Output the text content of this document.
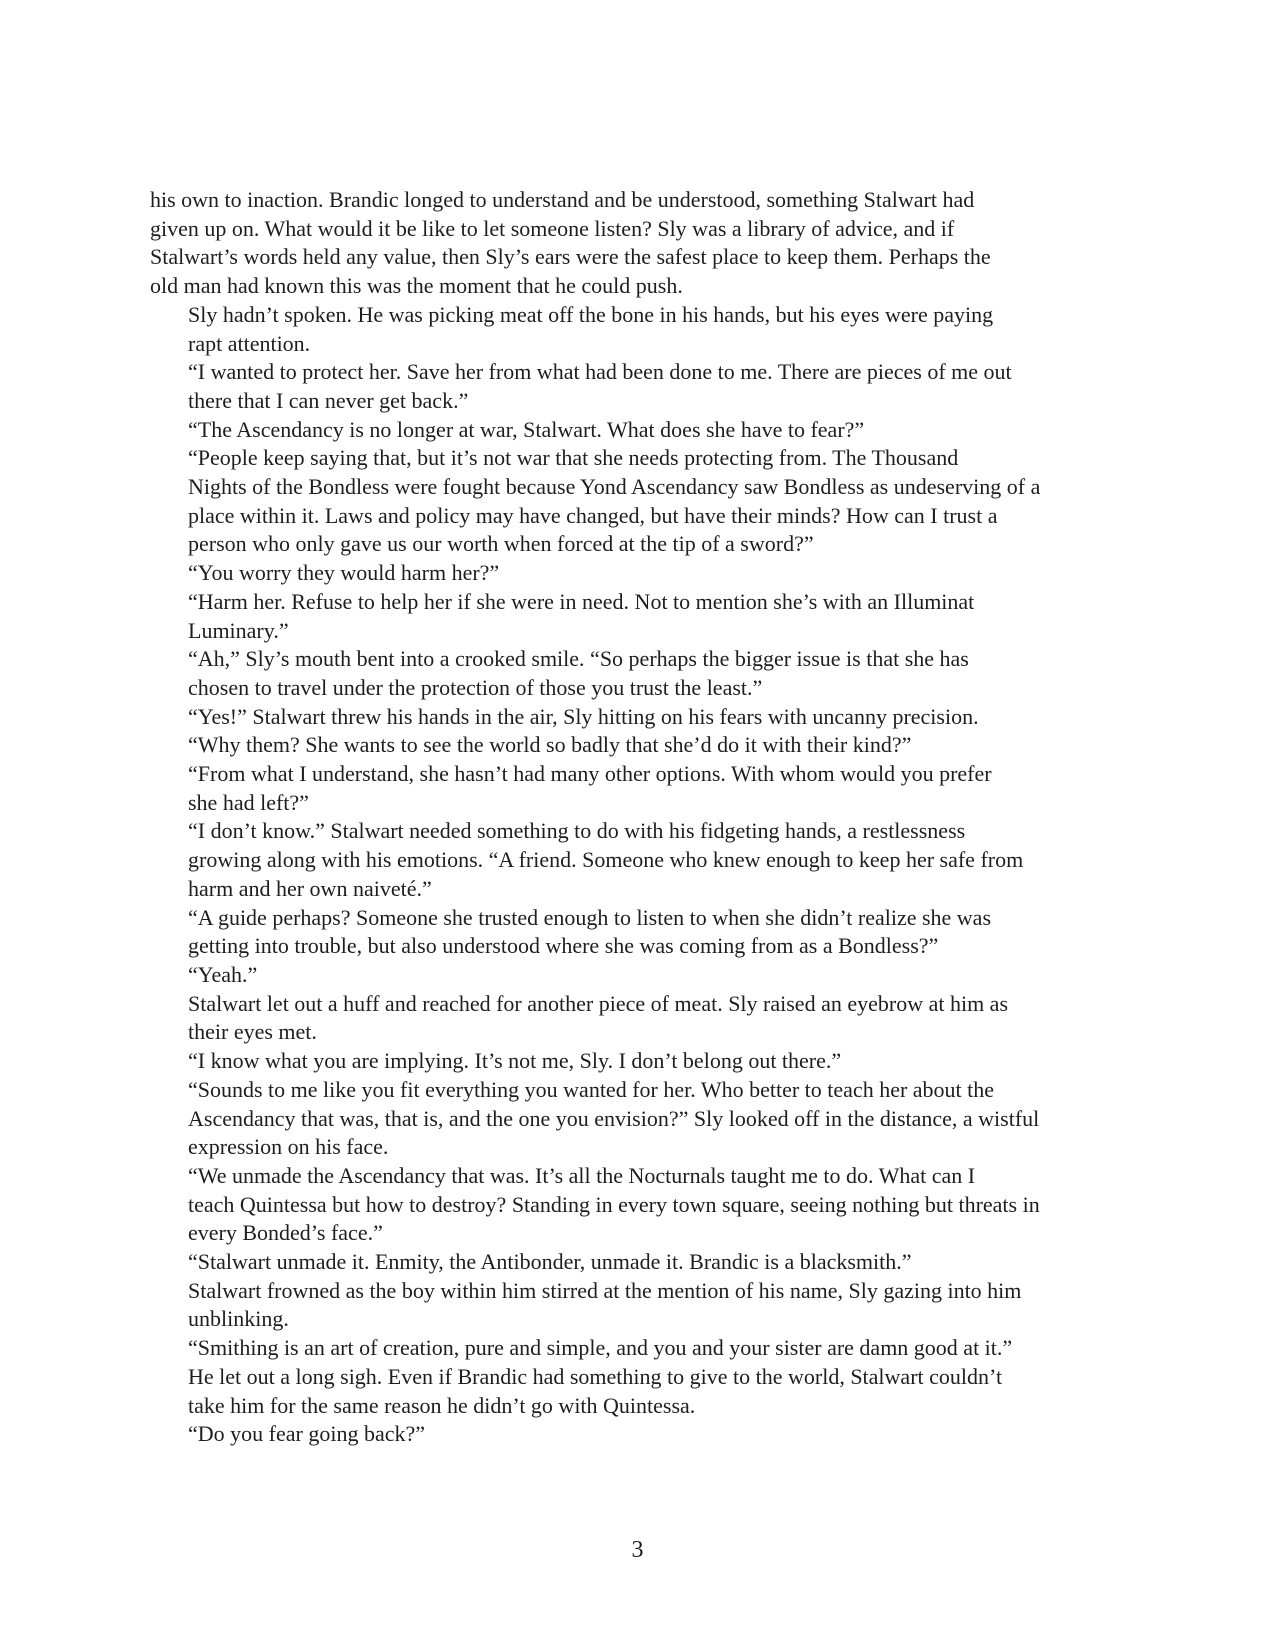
his own to inaction. Brandic longed to understand and be understood, something Stalwart had
given up on. What would it be like to let someone listen? Sly was a library of advice, and if
Stalwart’s words held any value, then Sly’s ears were the safest place to keep them. Perhaps the
old man had known this was the moment that he could push.

Sly hadn’t spoken. He was picking meat off the bone in his hands, but his eyes were paying
rapt attention.

“I wanted to protect her. Save her from what had been done to me. There are pieces of me out
there that I can never get back.”

“The Ascendancy is no longer at war, Stalwart. What does she have to fear?”

“People keep saying that, but it’s not war that she needs protecting from. The Thousand
Nights of the Bondless were fought because Yond Ascendancy saw Bondless as undeserving of a
place within it. Laws and policy may have changed, but have their minds? How can I trust a
person who only gave us our worth when forced at the tip of a sword?”

“You worry they would harm her?”

“Harm her. Refuse to help her if she were in need. Not to mention she’s with an Illuminat
Luminary.”

“Ah,” Sly’s mouth bent into a crooked smile. “So perhaps the bigger issue is that she has
chosen to travel under the protection of those you trust the least.”

“Yes!” Stalwart threw his hands in the air, Sly hitting on his fears with uncanny precision.
“Why them? She wants to see the world so badly that she’d do it with their kind?”

“From what I understand, she hasn’t had many other options. With whom would you prefer
she had left?”

“I don’t know.” Stalwart needed something to do with his fidgeting hands, a restlessness
growing along with his emotions. “A friend. Someone who knew enough to keep her safe from
harm and her own naiveté.”

“A guide perhaps? Someone she trusted enough to listen to when she didn’t realize she was
getting into trouble, but also understood where she was coming from as a Bondless?”

“Yeah.”

Stalwart let out a huff and reached for another piece of meat. Sly raised an eyebrow at him as
their eyes met.

“I know what you are implying. It’s not me, Sly. I don’t belong out there.”

“Sounds to me like you fit everything you wanted for her. Who better to teach her about the
Ascendancy that was, that is, and the one you envision?” Sly looked off in the distance, a wistful
expression on his face.

“We unmade the Ascendancy that was. It’s all the Nocturnals taught me to do. What can I
teach Quintessa but how to destroy? Standing in every town square, seeing nothing but threats in
every Bonded’s face.”

“Stalwart unmade it. Enmity, the Antibonder, unmade it. Brandic is a blacksmith.”

Stalwart frowned as the boy within him stirred at the mention of his name, Sly gazing into him
unblinking.

“Smithing is an art of creation, pure and simple, and you and your sister are damn good at it.”

He let out a long sigh. Even if Brandic had something to give to the world, Stalwart couldn’t
take him for the same reason he didn’t go with Quintessa.

“Do you fear going back?”

3
